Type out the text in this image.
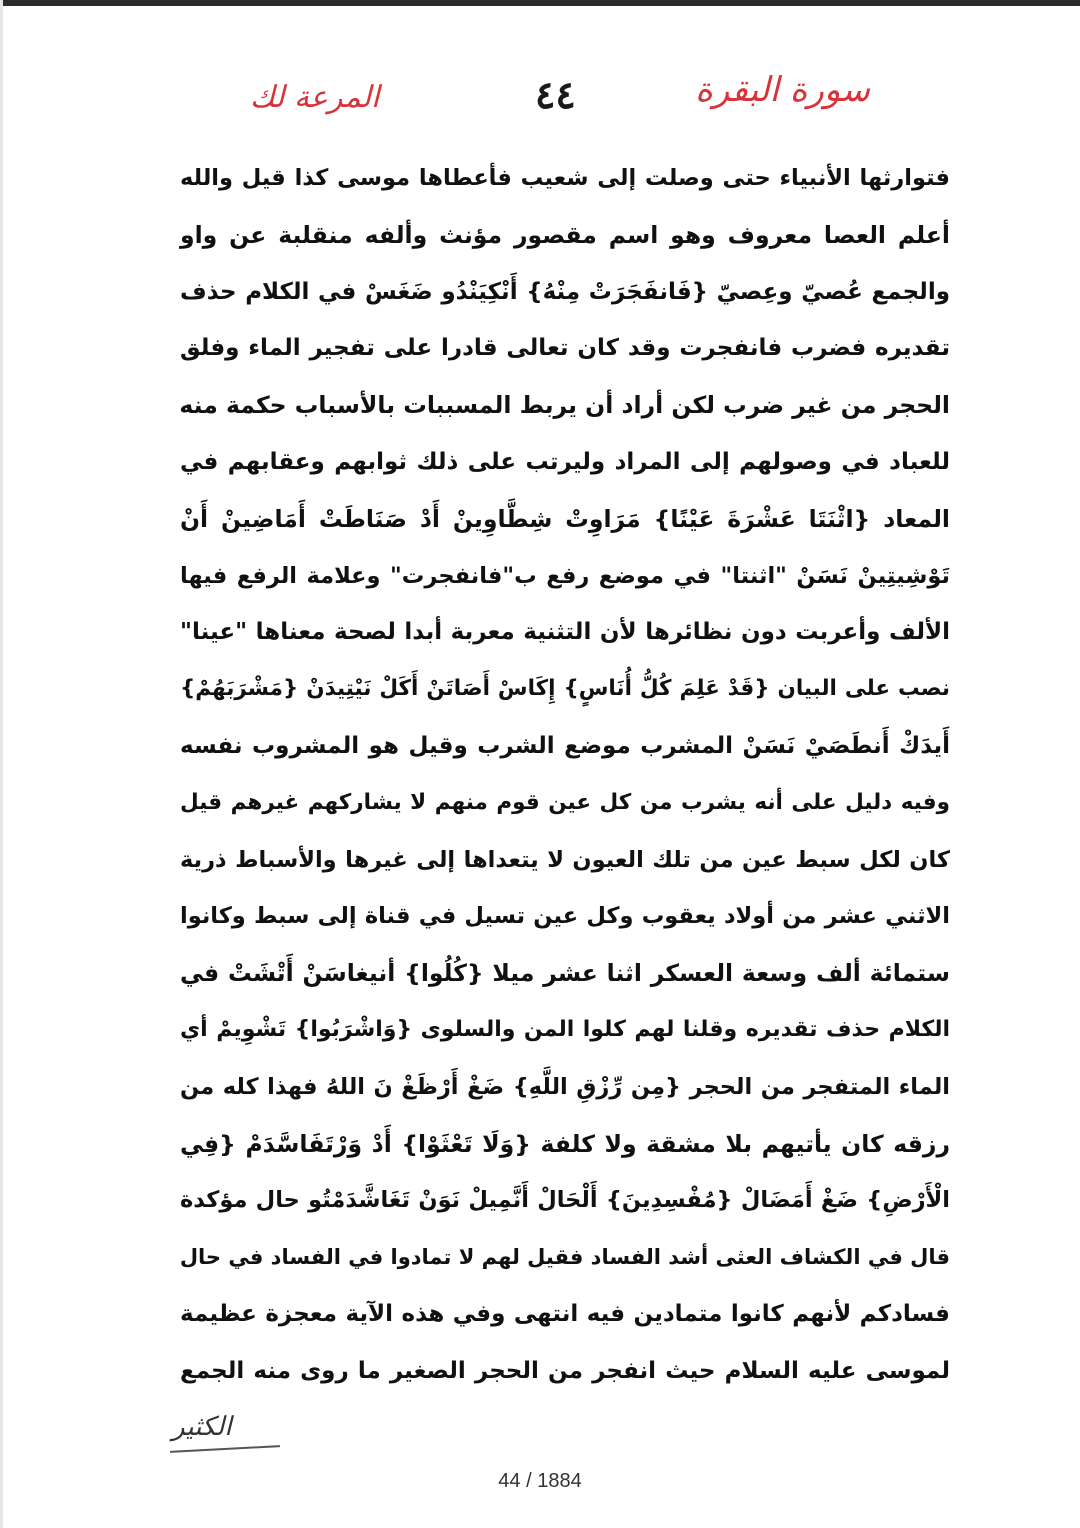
سورة البقرة
٤٤
المرعة لك
فتوارثها الأنبياء حتى وصلت إلى شعيب فأعطاها موسى كذا قيل والله
أعلم العصا معروف وهو اسم مقصور مؤنث وألفه منقلبة عن واو
والجمع عُصيّ وعِصيّ {فَانفَجَرَتْ مِنْهُ} أَنْكِيَنْدُو ضَغَسْ في الكلام حذف
تقديره فضرب فانفجرت وقد كان تعالى قادرا على تفجير الماء وفلق
الحجر من غير ضرب لكن أراد أن يربط المسببات بالأسباب حكمة منه
للعباد في وصولهم إلى المراد وليرتب على ذلك ثوابهم وعقابهم في
المعاد {اثْنَتَا عَشْرَةَ عَيْنًا} مَرَاوِتْ شِطَّاوِينْ أَدْ صَنَاطَتْ أَمَاضِينْ أَنْ
تَوْشِيتِينْ نَسَنْ "اثنتا" في موضع رفع ب"فانفجرت" وعلامة الرفع فيها
الألف وأعربت دون نظائرها لأن التثنية معربة أبدا لصحة معناها "عينا"
نصب على البيان {قَدْ عَلِمَ كُلُّ أُنَاسٍ} إِكَاسْ أَصَاتَنْ أَكَلْ نَيْتِيدَنْ {مَشْرَبَهُمْ}
أَيدَكْ أَنطَصَيْ نَسَنْ المشرب موضع الشرب وقيل هو المشروب نفسه
وفيه دليل على أنه يشرب من كل عين قوم منهم لا يشاركهم غيرهم قيل
كان لكل سبط عين من تلك العيون لا يتعداها إلى غيرها والأسباط ذرية
الاثني عشر من أولاد يعقوب وكل عين تسيل في قناة إلى سبط وكانوا
ستمائة ألف وسعة العسكر اثنا عشر ميلا {كُلُوا} أنيغاسَنْ أَتْشَتْ في
الكلام حذف تقديره وقلنا لهم كلوا المن والسلوى {وَاشْرَبُوا} تَشْوِيمْ أي
الماء المتفجر من الحجر {مِن رِّزْقِ اللَّهِ} ضَغْ أَرْظَغْ نَ اللهُ فهذا كله من
رزقه كان يأتيهم بلا مشقة ولا كلفة {وَلَا تَعْثَوْا} أَدْ وَرْتَفَاسَّدَمْ {فِي
الْأَرْضِ} ضَغْ أَمَضَالْ {مُفْسِدِينَ} أَلْحَالْ أَنَّمِيلْ نَوَنْ تَغَاشَّدَمْتُو حال مؤكدة
قال في الكشاف العثى أشد الفساد فقيل لهم لا تمادوا في الفساد في حال
فسادكم لأنهم كانوا متمادين فيه انتهى وفي هذه الآية معجزة عظيمة
لموسى عليه السلام حيث انفجر من الحجر الصغير ما روى منه الجمع
الكثير
44 / 1884
